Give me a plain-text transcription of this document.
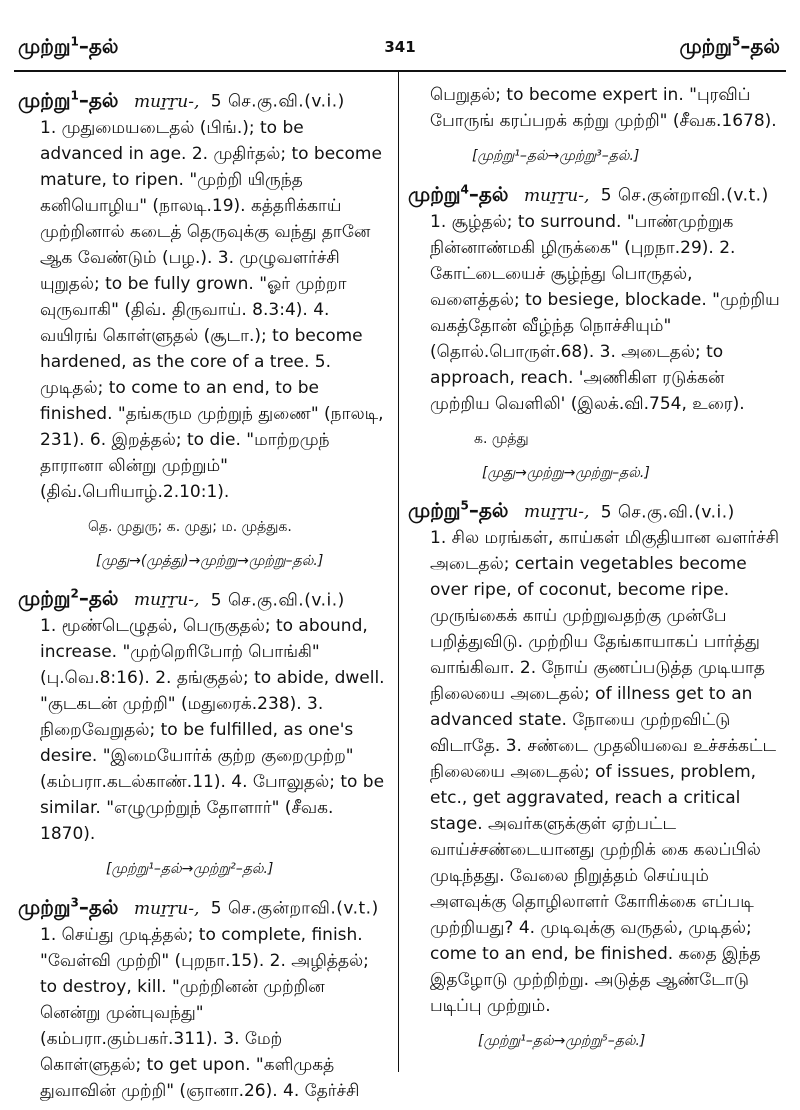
முற்று$^1$–தல்	341	முற்று$^5$–தல்
முற்று$^1$–தல் muṟṟu-, 5 செ.கு.வி.(v.i.)
1. முதுமையடைதல் (பிங்.); to be advanced in age. 2. முதிர்தல்; to become mature, to ripen. "முற்றி யிருந்த கனியொழிய" (நாலடி.19). கத்தரிக்காய் முற்றினால் கடைத் தெருவுக்கு வந்து தானே ஆக வேண்டும் (பழ.). 3. முழுவளர்ச்சி யுறுதல்; to be fully grown. "ஓர் முற்றா வுருவாகி" (திவ். திருவாய். 8.3:4). 4. வயிரங் கொள்ளுதல் (சூடா.); to become hardened, as the core of a tree. 5. முடிதல்; to come to an end, to be finished. "தங்கரும முற்றுந் துணை" (நாலடி, 231). 6. இறத்தல்; to die. "மாற்றமுந் தாரானா லின்று முற்றும்" (திவ்.பெரியாழ்.2.10:1).
தெ. முதுரு; க. முது; ம. முத்துக.
[முது→(முத்து)→முற்று→முற்று–தல்.]
முற்று$^2$–தல் muṟṟu-, 5 செ.கு.வி.(v.i.)
1. மூண்டெழுதல், பெருகுதல்; to abound, increase. "முற்றெரிபோற் பொங்கி" (பு.வெ.8:16). 2. தங்குதல்; to abide, dwell. "குடகடன் முற்றி" (மதுரைக்.238). 3. நிறைவேறுதல்; to be fulfilled, as one's desire. "இமையோர்க் குற்ற குறைமுற்ற" (கம்பரா.கடல்காண்.11). 4. போலுதல்; to be similar. "எழுமுற்றுந் தோளார்" (சீவக. 1870).
[முற்று¹–தல்→முற்று²–தல்.]
முற்று$^3$–தல் muṟṟu-, 5 செ.குன்றாவி.(v.t.)
1. செய்து முடித்தல்; to complete, finish. "வேள்வி முற்றி" (புறநா.15). 2. அழித்தல்; to destroy, kill. "முற்றினன் முற்றின னென்று முன்புவந்து" (கம்பரா.கும்பகர்.311). 3. மேற் கொள்ளுதல்; to get upon. "களிமுகத் துவாவின் முற்றி" (ஞானா.26). 4. தேர்ச்சி
பெறுதல்; to become expert in. "புரவிப் போருங் கரப்பறக் கற்று முற்றி" (சீவக.1678).
[முற்று¹–தல்→முற்று³–தல்.]
முற்று$^4$–தல் muṟṟu-, 5 செ.குன்றாவி.(v.t.)
1. சூழ்தல்; to surround. "பாண்முற்றுக நின்னாண்மகி ழிருக்கை" (புறநா.29). 2. கோட்டையைச் சூழ்ந்து பொருதல், வளைத்தல்; to besiege, blockade. "முற்றிய வகத்தோன் வீழ்ந்த நொச்சியும்" (தொல்.பொருள்.68). 3. அடைதல்; to approach, reach. 'அணிகிள ரடுக்கன் முற்றிய வெளிலி' (இலக்.வி.754, உரை).
க. முத்து
[முது→முற்று→முற்று–தல்.]
முற்று$^5$–தல் muṟṟu-, 5 செ.கு.வி.(v.i.)
1. சில மரங்கள், காய்கள் மிகுதியான வளர்ச்சி அடைதல்; certain vegetables become over ripe, of coconut, become ripe. முருங்கைக் காய் முற்றுவதற்கு முன்பே பறித்துவிடு. முற்றிய தேங்காயாகப் பார்த்து வாங்கிவா. 2. நோய் குணப்படுத்த முடியாத நிலையை அடைதல்; of illness get to an advanced state. நோயை முற்றவிட்டு விடாதே. 3. சண்டை முதலியவை உச்சக்கட்ட நிலையை அடைதல்; of issues, problem, etc., get aggravated, reach a critical stage. அவர்களுக்குள் ஏற்பட்ட வாய்ச்சண்டையானது முற்றிக் கை கலப்பில் முடிந்தது. வேலை நிறுத்தம் செய்யும் அளவுக்கு தொழிலாளர் கோரிக்கை எப்படி முற்றியது? 4. முடிவுக்கு வருதல், முடிதல்; come to an end, be finished. கதை இந்த இதழோடு முற்றிற்று. அடுத்த ஆண்டோடு படிப்பு முற்றும்.
[முற்று¹–தல்→முற்று⁵–தல்.]
